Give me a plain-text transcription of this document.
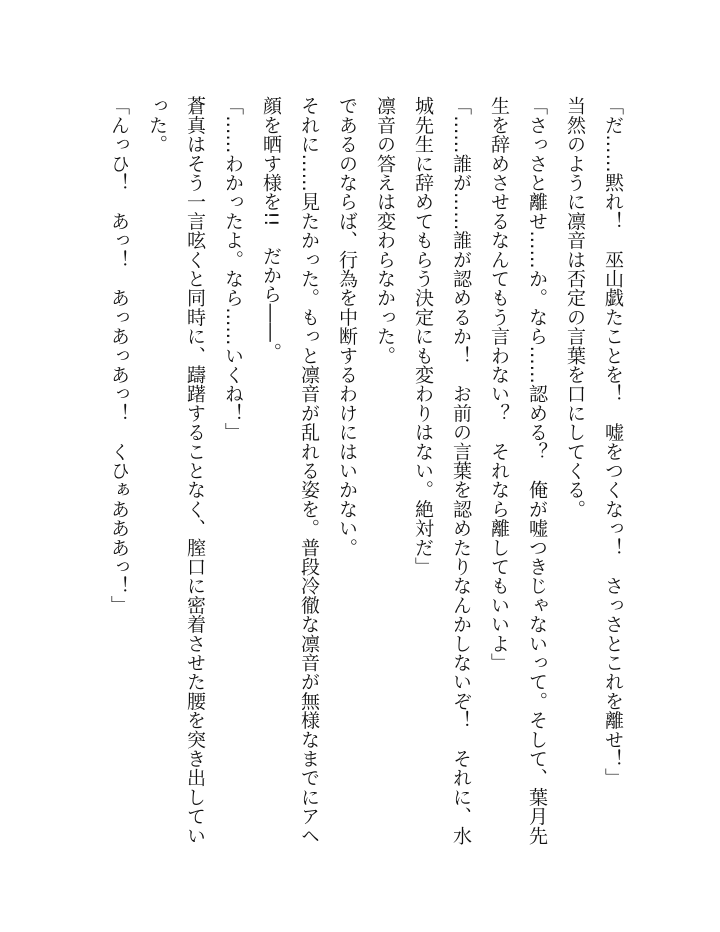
「だ……黙れ！　巫山戯たことを！　嘘をつくなっ！　さっさとこれを離せ！」

当然のように凛音は否定の言葉を口にしてくる。

「さっさと離せ……か。なら……認める？　俺が嘘つきじゃないって。そして、葉月先生を辞めさせるなんてもう言わない？　それなら離してもいいよ」

「……誰が……誰が認めるか！　お前の言葉を認めたりなんかしないぞ！　それに、水城先生に辞めてもらう決定にも変わりはない。絶対だ」

凛音の答えは変わらなかった。

であるのならば、行為を中断するわけにはいかない。

それに……見たかった。もっと凛音が乱れる姿を。普段冷徹な凛音が無様なまでにアヘ顔を晒す様を!!　だから――。

「……わかったよ。なら……いくね！」

蒼真はそう一言呟くと同時に、躊躇することなく、膣口に密着させた腰を突き出していった。

「んっひ！　あっ！　あっあっあっ！　くひぁあああっ！」
